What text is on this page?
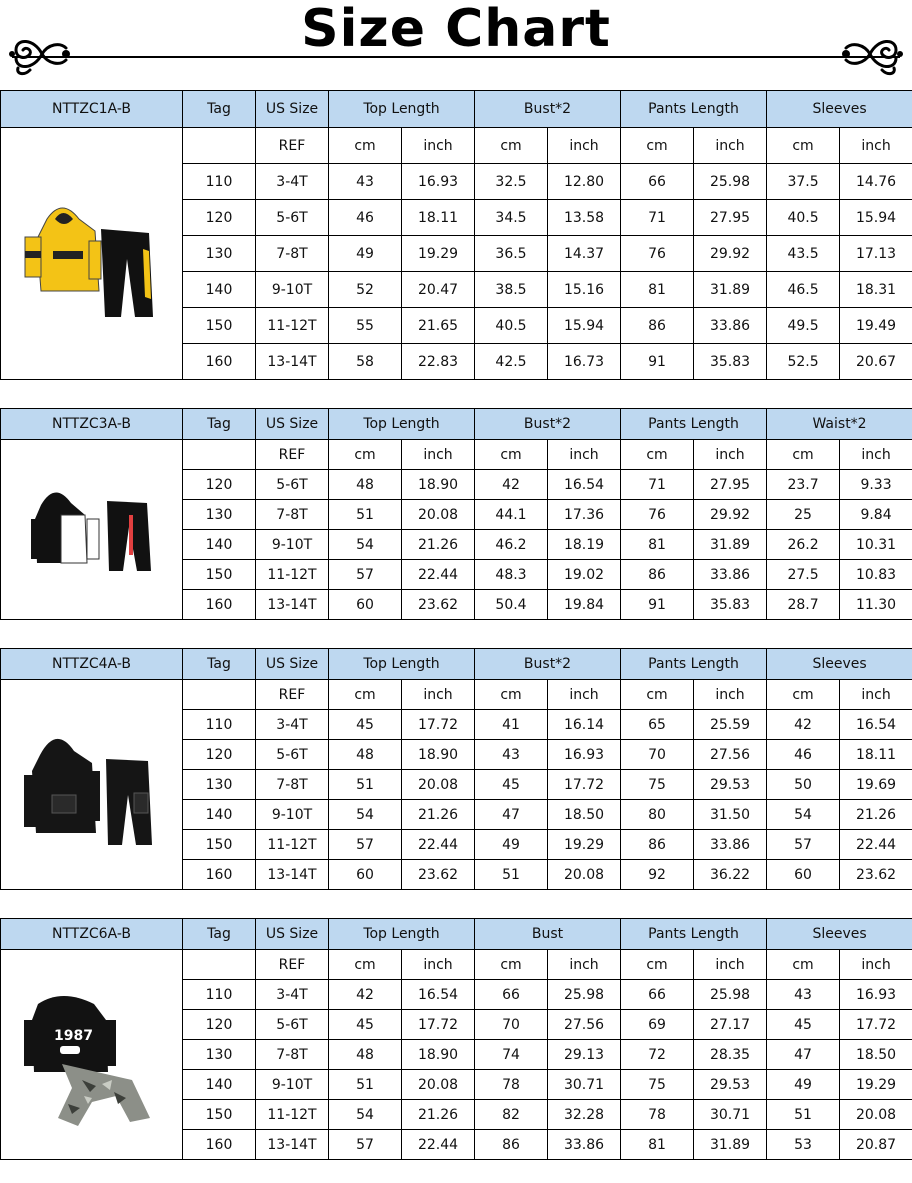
Size Chart
NTTZC1A-B	Tag	US Size	Top Length		Bust*2		Pants Length		Sleeves	

		REF	cm	inch	cm	inch	cm	inch	cm	inch
	110	3-4T	43	16.93	32.5	12.80	66	25.98	37.5	14.76
	120	5-6T	46	18.11	34.5	13.58	71	27.95	40.5	15.94
	130	7-8T	49	19.29	36.5	14.37	76	29.92	43.5	17.13
	140	9-10T	52	20.47	38.5	15.16	81	31.89	46.5	18.31
	150	11-12T	55	21.65	40.5	15.94	86	33.86	49.5	19.49
	160	13-14T	58	22.83	42.5	16.73	91	35.83	52.5	20.67
NTTZC3A-B	Tag	US Size	Top Length		Bust*2		Pants Length		Waist*2	

		REF	cm	inch	cm	inch	cm	inch	cm	inch
	120	5-6T	48	18.90	42	16.54	71	27.95	23.7	9.33
	130	7-8T	51	20.08	44.1	17.36	76	29.92	25	9.84
	140	9-10T	54	21.26	46.2	18.19	81	31.89	26.2	10.31
	150	11-12T	57	22.44	48.3	19.02	86	33.86	27.5	10.83
	160	13-14T	60	23.62	50.4	19.84	91	35.83	28.7	11.30
NTTZC4A-B	Tag	US Size	Top Length		Bust*2		Pants Length		Sleeves	

		REF	cm	inch	cm	inch	cm	inch	cm	inch
	110	3-4T	45	17.72	41	16.14	65	25.59	42	16.54
	120	5-6T	48	18.90	43	16.93	70	27.56	46	18.11
	130	7-8T	51	20.08	45	17.72	75	29.53	50	19.69
	140	9-10T	54	21.26	47	18.50	80	31.50	54	21.26
	150	11-12T	57	22.44	49	19.29	86	33.86	57	22.44
	160	13-14T	60	23.62	51	20.08	92	36.22	60	23.62
NTTZC6A-B	Tag	US Size	Top Length		Bust		Pants Length		Sleeves	

1987		REF	cm	inch	cm	inch	cm	inch	cm	inch
	110	3-4T	42	16.54	66	25.98	66	25.98	43	16.93
	120	5-6T	45	17.72	70	27.56	69	27.17	45	17.72
	130	7-8T	48	18.90	74	29.13	72	28.35	47	18.50
	140	9-10T	51	20.08	78	30.71	75	29.53	49	19.29
	150	11-12T	54	21.26	82	32.28	78	30.71	51	20.08
	160	13-14T	57	22.44	86	33.86	81	31.89	53	20.87
